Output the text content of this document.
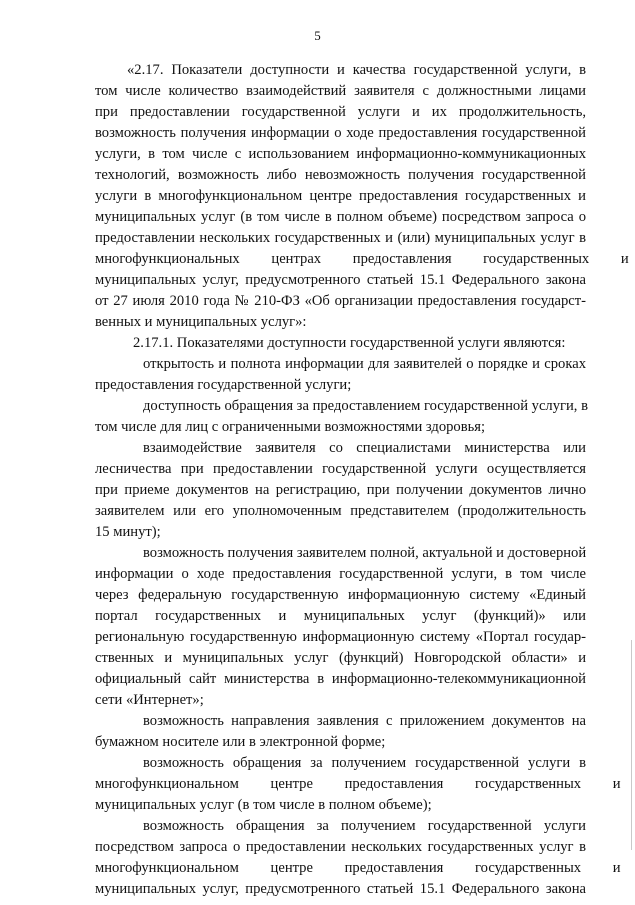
5
«2.17. Показатели доступности и качества государственной услуги, в
том числе количество взаимодействий заявителя с должностными лицами
при предоставлении государственной услуги и их продолжительность,
возможность получения информации о ходе предоставления государственной
услуги, в том числе с использованием информационно-коммуникационных
технологий, возможность либо невозможность получения государственной
услуги в многофункциональном центре предоставления государственных и
муниципальных услуг (в том числе в полном объеме) посредством запроса о
предоставлении нескольких государственных и (или) муниципальных услуг в
многофункциональных центрах предоставления государственных и
муниципальных услуг, предусмотренного статьей 15.1 Федерального закона
от 27 июля 2010 года № 210-ФЗ «Об организации предоставления государст-
венных и муниципальных услуг»:
2.17.1. Показателями доступности государственной услуги являются:
открытость и полнота информации для заявителей о порядке и сроках
предоставления государственной услуги;
доступность обращения за предоставлением государственной услуги, в
том числе для лиц с ограниченными возможностями здоровья;
взаимодействие заявителя со специалистами министерства или
лесничества при предоставлении государственной услуги осуществляется
при приеме документов на регистрацию, при получении документов лично
заявителем или его уполномоченным представителем (продолжительность
15 минут);
возможность получения заявителем полной, актуальной и достоверной
информации о ходе предоставления государственной услуги, в том числе
через федеральную государственную информационную систему «Единый
портал государственных и муниципальных услуг (функций)» или
региональную государственную информационную систему «Портал государ-
ственных и муниципальных услуг (функций) Новгородской области» и
официальный сайт министерства в информационно-телекоммуникационной
сети «Интернет»;
возможность направления заявления с приложением документов на
бумажном носителе или в электронной форме;
возможность обращения за получением государственной услуги в
многофункциональном центре предоставления государственных и
муниципальных услуг (в том числе в полном объеме);
возможность обращения за получением государственной услуги
посредством запроса о предоставлении нескольких государственных услуг в
многофункциональном центре предоставления государственных и
муниципальных услуг, предусмотренного статьей 15.1 Федерального закона
